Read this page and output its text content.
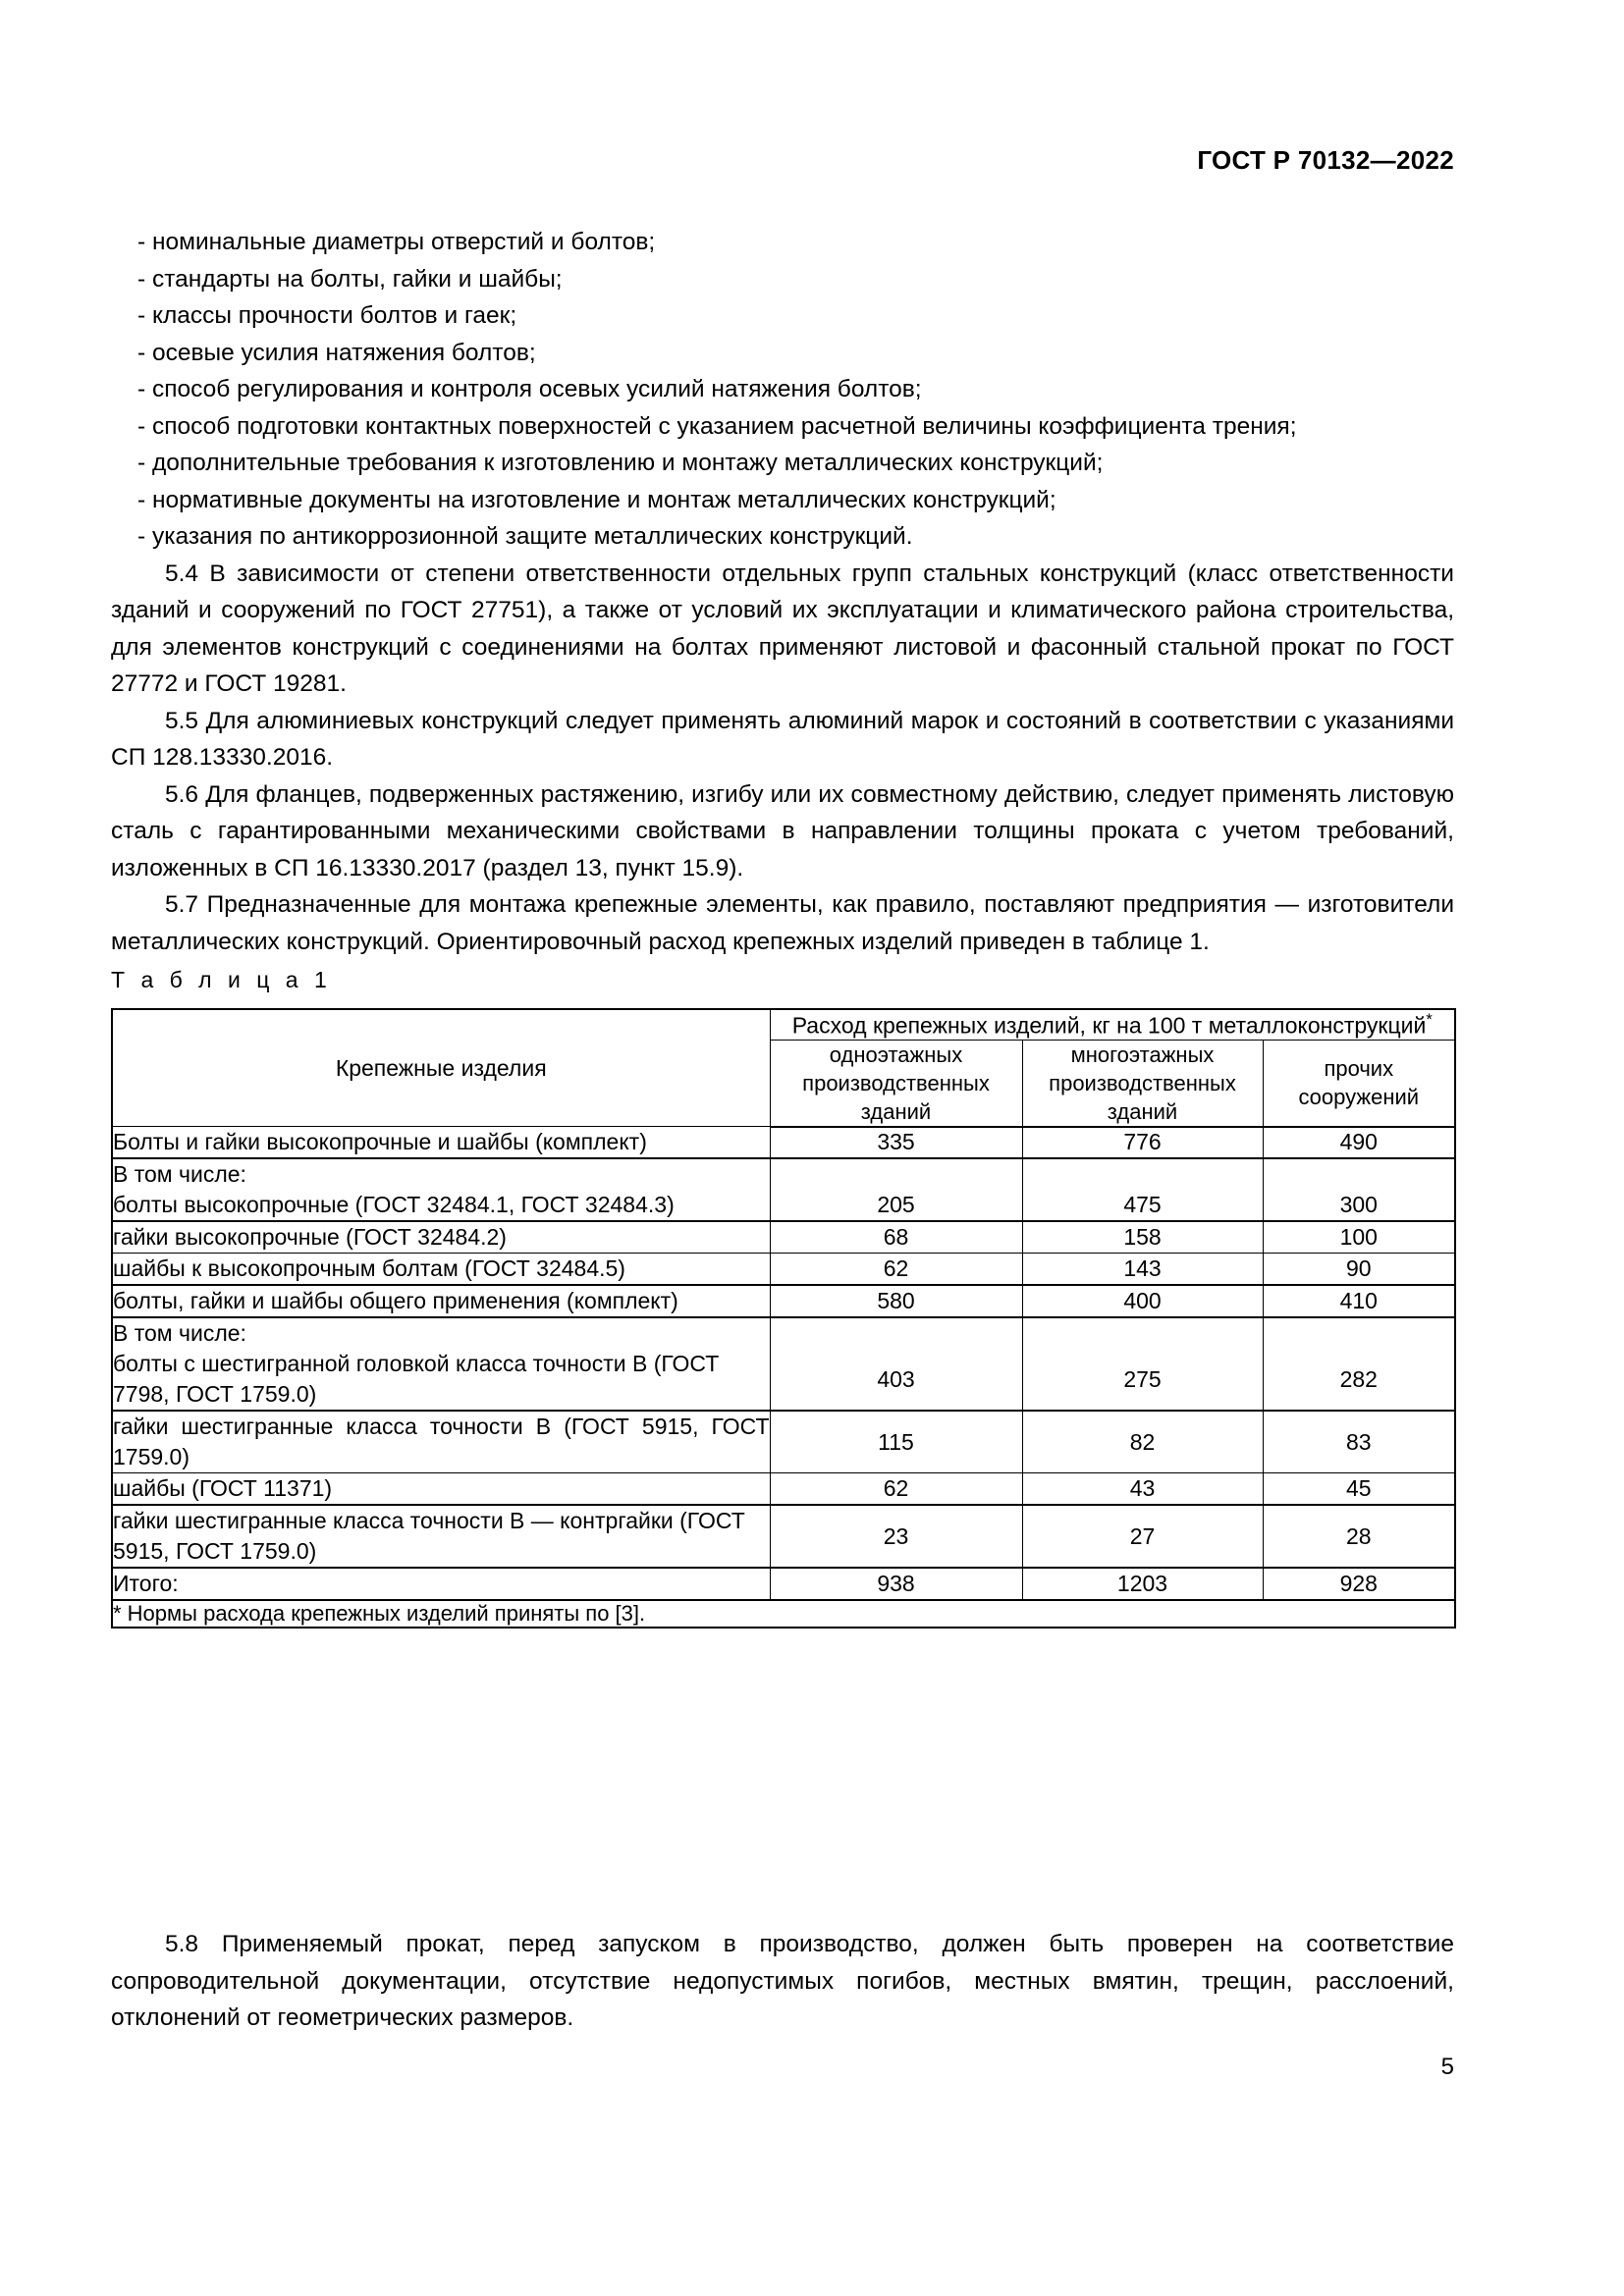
ГОСТ Р 70132—2022

- номинальные диаметры отверстий и болтов;

- стандарты на болты, гайки и шайбы;

- классы прочности болтов и гаек;

- осевые усилия натяжения болтов;

- способ регулирования и контроля осевых усилий натяжения болтов;

- способ подготовки контактных поверхностей с указанием расчетной величины коэффициента трения;

- дополнительные требования к изготовлению и монтажу металлических конструкций;

- нормативные документы на изготовление и монтаж металлических конструкций;

- указания по антикоррозионной защите металлических конструкций.

5.4 В зависимости от степени ответственности отдельных групп стальных конструкций (класс ответственности зданий и сооружений по ГОСТ 27751), а также от условий их эксплуатации и климатического района строительства, для элементов конструкций с соединениями на болтах применяют листовой и фасонный стальной прокат по ГОСТ 27772 и ГОСТ 19281.

5.5 Для алюминиевых конструкций следует применять алюминий марок и состояний в соответствии с указаниями СП 128.13330.2016.

5.6 Для фланцев, подверженных растяжению, изгибу или их совместному действию, следует применять листовую сталь с гарантированными механическими свойствами в направлении толщины проката с учетом требований, изложенных в СП 16.13330.2017 (раздел 13, пункт 15.9).

5.7 Предназначенные для монтажа крепежные элементы, как правило, поставляют предприятия — изготовители металлических конструкций. Ориентировочный расход крепежных изделий приведен в таблице 1.

Т а б л и ц а 1
Крепежные изделия	Расход крепежных изделий, кг на 100 т металлоконструкций*
	одноэтажных производственных зданий	многоэтажных производственных зданий	прочих сооружений
Болты и гайки высокопрочные и шайбы (комплект)	335	776	490
В том числе:			
болты высокопрочные (ГОСТ 32484.1, ГОСТ 32484.3)	205	475	300
гайки высокопрочные (ГОСТ 32484.2)	68	158	100
шайбы к высокопрочным болтам (ГОСТ 32484.5)	62	143	90
болты, гайки и шайбы общего применения (комплект)	580	400	410
В том числе:			
болты с шестигранной головкой класса точности В (ГОСТ 7798, ГОСТ 1759.0)	403	275	282
гайки шестигранные класса точности В (ГОСТ 5915, ГОСТ 1759.0)	115	82	83
шайбы (ГОСТ 11371)	62	43	45
гайки шестигранные класса точности В — контргайки (ГОСТ 5915, ГОСТ 1759.0)	23	27	28
Итого:	938	1203	928
* Нормы расхода крепежных изделий приняты по [3].			

5.8 Применяемый прокат, перед запуском в производство, должен быть проверен на соответствие сопроводительной документации, отсутствие недопустимых погибов, местных вмятин, трещин, расслоений, отклонений от геометрических размеров.

5
